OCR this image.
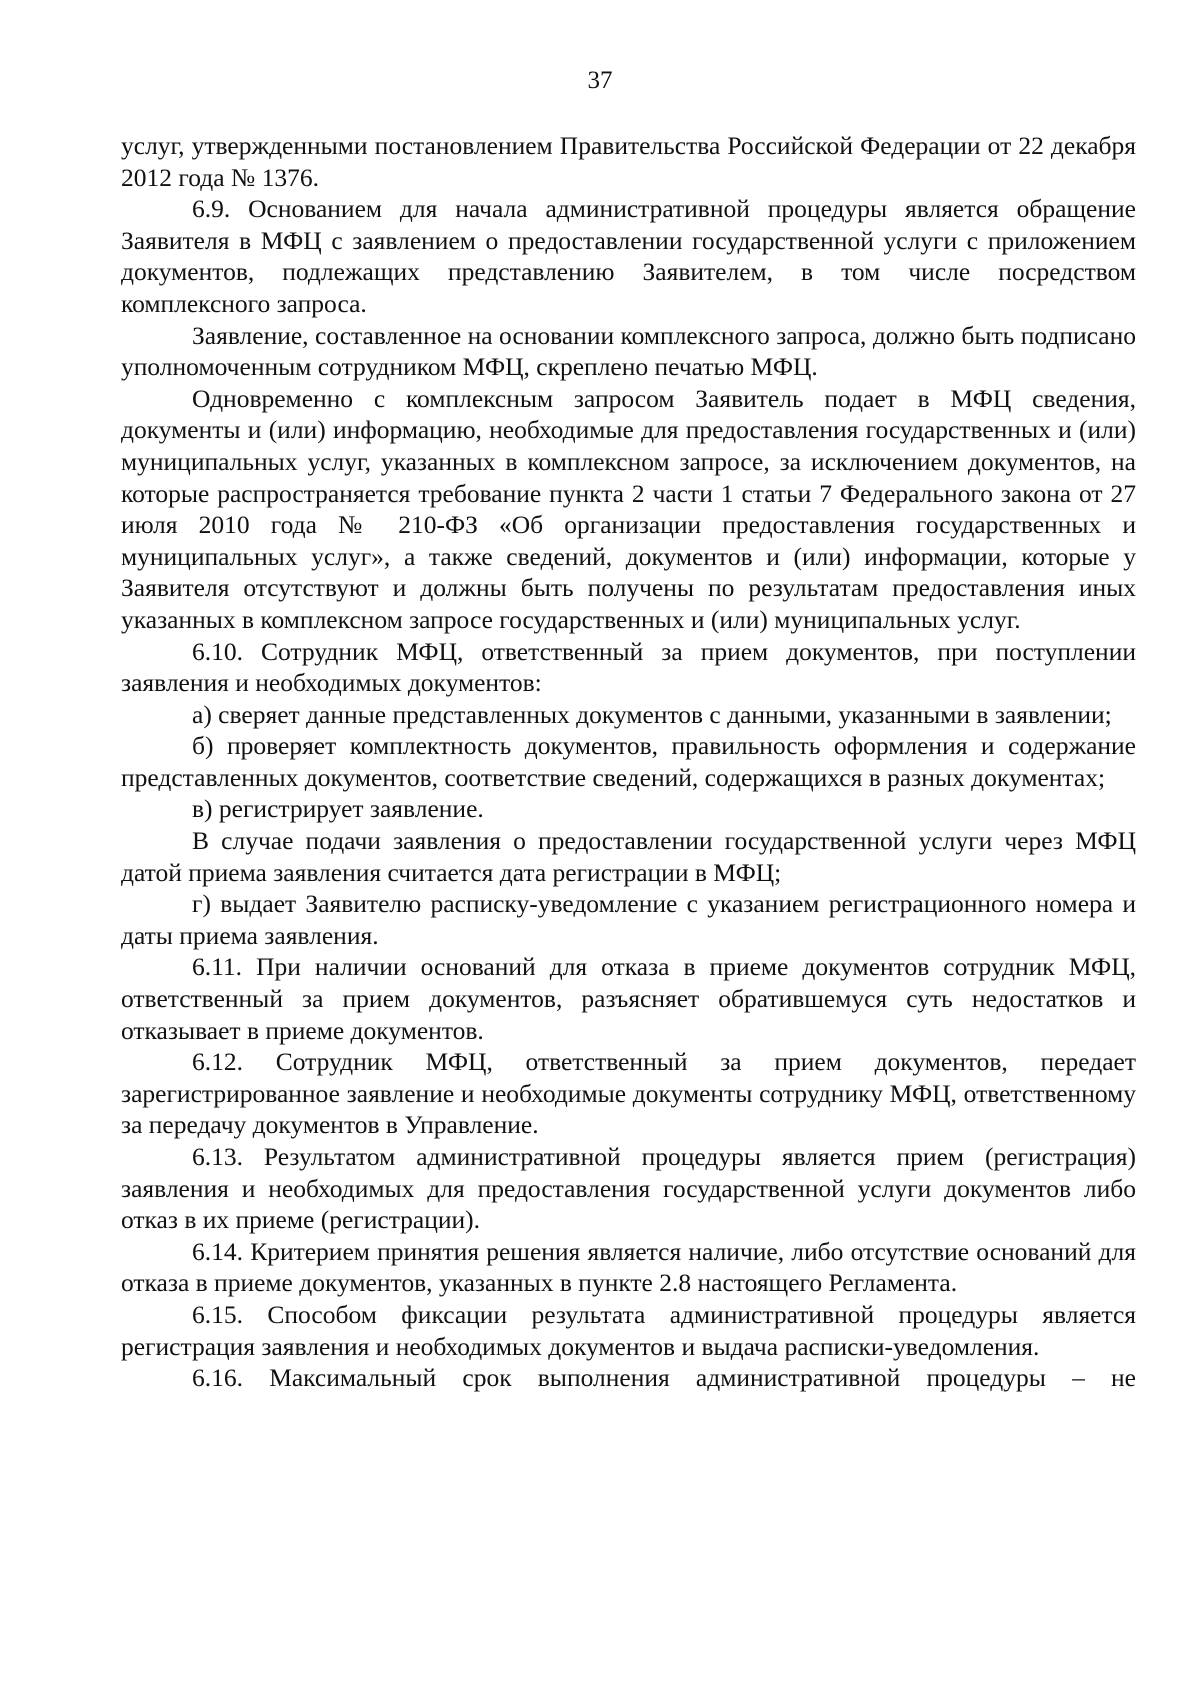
37

услуг, утвержденными постановлением Правительства Российской Федерации от 22 декабря 2012 года № 1376.

6.9. Основанием для начала административной процедуры является обращение Заявителя в МФЦ с заявлением о предоставлении государственной услуги с приложением документов, подлежащих представлению Заявителем, в том числе посредством комплексного запроса.

Заявление, составленное на основании комплексного запроса, должно быть подписано уполномоченным сотрудником МФЦ, скреплено печатью МФЦ.

Одновременно с комплексным запросом Заявитель подает в МФЦ сведения, документы и (или) информацию, необходимые для предоставления государственных и (или) муниципальных услуг, указанных в комплексном запросе, за исключением документов, на которые распространяется требование пункта 2 части 1 статьи 7 Федерального закона от 27 июля 2010 года № 210-ФЗ «Об организации предоставления государственных и муниципальных услуг», а также сведений, документов и (или) информации, которые у Заявителя отсутствуют и должны быть получены по результатам предоставления иных указанных в комплексном запросе государственных и (или) муниципальных услуг.

6.10. Сотрудник МФЦ, ответственный за прием документов, при поступлении заявления и необходимых документов:

а) сверяет данные представленных документов с данными, указанными в заявлении;

б) проверяет комплектность документов, правильность оформления и содержание представленных документов, соответствие сведений, содержащихся в разных документах;

в) регистрирует заявление.

В случае подачи заявления о предоставлении государственной услуги через МФЦ датой приема заявления считается дата регистрации в МФЦ;

г) выдает Заявителю расписку-уведомление с указанием регистрационного номера и даты приема заявления.

6.11. При наличии оснований для отказа в приеме документов сотрудник МФЦ, ответственный за прием документов, разъясняет обратившемуся суть недостатков и отказывает в приеме документов.

6.12. Сотрудник МФЦ, ответственный за прием документов, передает зарегистрированное заявление и необходимые документы сотруднику МФЦ, ответственному за передачу документов в Управление.

6.13. Результатом административной процедуры является прием (регистрация) заявления и необходимых для предоставления государственной услуги документов либо отказ в их приеме (регистрации).

6.14. Критерием принятия решения является наличие, либо отсутствие оснований для отказа в приеме документов, указанных в пункте 2.8 настоящего Регламента.

6.15. Способом фиксации результата административной процедуры является регистрация заявления и необходимых документов и выдача расписки-уведомления.

6.16. Максимальный срок выполнения административной процедуры – не
